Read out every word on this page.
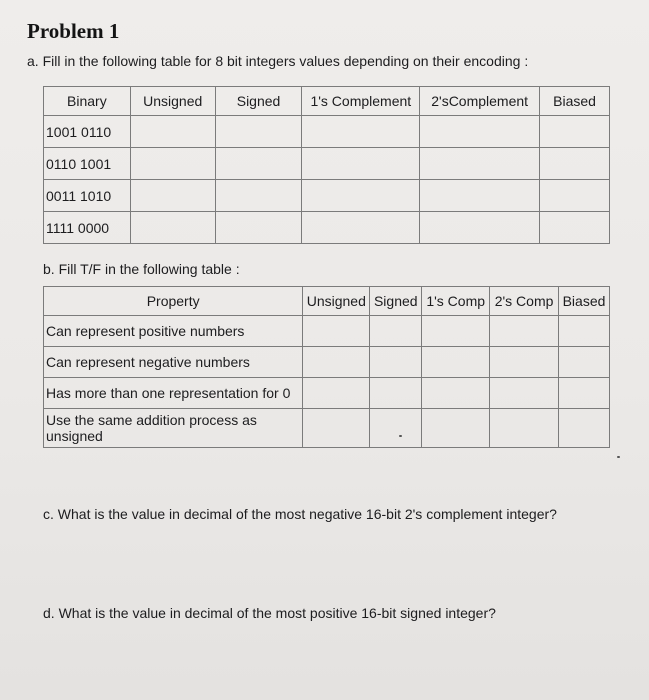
Problem 1
a. Fill in the following table for 8 bit integers values depending on their encoding :
Binary	Unsigned	Signed	1's Complement	2'sComplement	Biased
1001 0110					
0110 1001					
0011 1010					
1111 0000					
b. Fill T/F in the following table :
Property	Unsigned	Signed	1's Comp	2's Comp	Biased
Can represent positive numbers					
Can represent negative numbers					
Has more than one representation for 0					
Use the same addition process as unsigned					
c. What is the value in decimal of the most negative 16-bit 2's complement integer?
d. What is the value in decimal of the most positive 16-bit signed integer?
